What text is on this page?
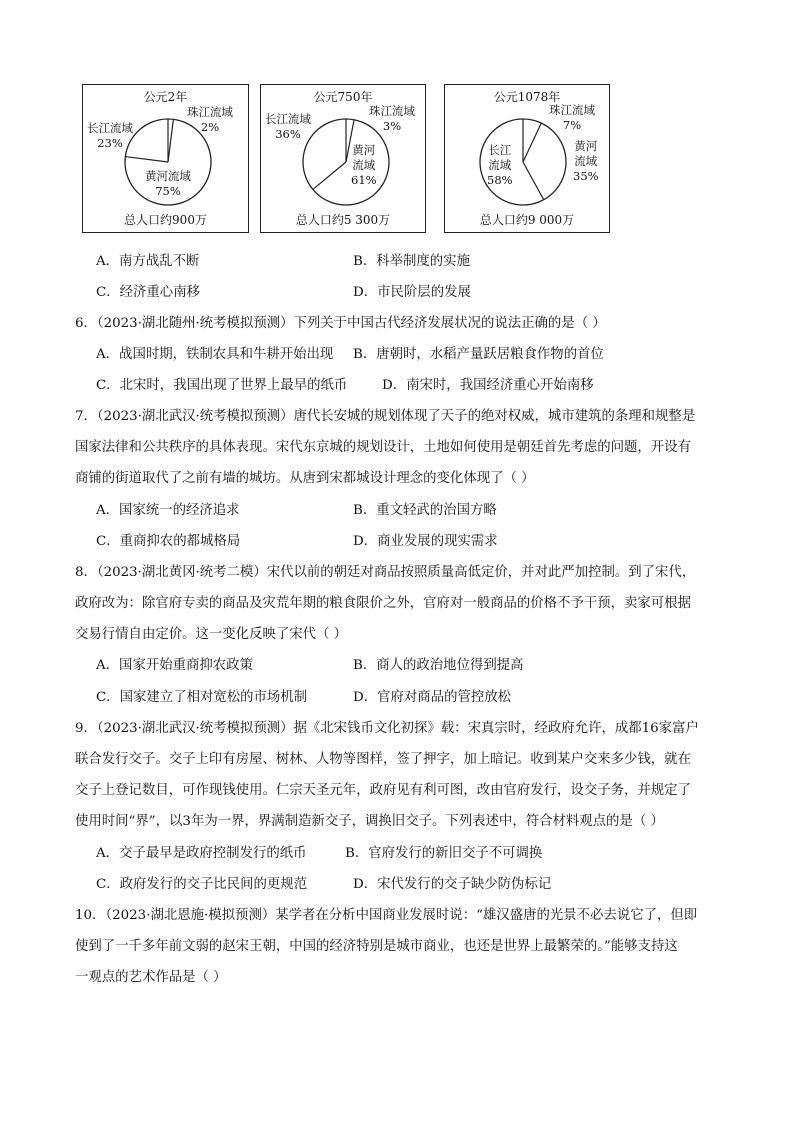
公元2年
长江流域
23%
珠江流域
2%
黄河流域
75%
总人口约900万
公元750年
长江流域
36%
珠江流域
3%
黄河
流域
61%
总人口约5 300万
公元1078年
长江
流域
58%
珠江流域
7%
黄河
流域
35%
总人口约9 000万
A．南方战乱不断	B．科举制度的实施
C．经济重心南移	D．市民阶层的发展
6．（2023·湖北随州·统考模拟预测）下列关于中国古代经济发展状况的说法正确的是（ ）
A．战国时期，铁制农具和牛耕开始出现 B．唐朝时，水稻产量跃居粮食作物的首位
C．北宋时，我国出现了世界上最早的纸币	D．南宋时，我国经济重心开始南移
7．（2023·湖北武汉·统考模拟预测）唐代长安城的规划体现了天子的绝对权威，城市建筑的条理和规整是
国家法律和公共秩序的具体表现。宋代东京城的规划设计，土地如何使用是朝廷首先考虑的问题，开设有
商铺的街道取代了之前有墙的城坊。从唐到宋都城设计理念的变化体现了（ ）
A．国家统一的经济追求	B．重文轻武的治国方略
C．重商抑农的都城格局	D．商业发展的现实需求
8．（2023·湖北黄冈·统考二模）宋代以前的朝廷对商品按照质量高低定价，并对此严加控制。到了宋代，
政府改为：除官府专卖的商品及灾荒年期的粮食限价之外，官府对一般商品的价格不予干预，卖家可根据
交易行情自由定价。这一变化反映了宋代（ ）
A．国家开始重商抑农政策	B．商人的政治地位得到提高
C．国家建立了相对宽松的市场机制	D．官府对商品的管控放松
9．（2023·湖北武汉·统考模拟预测）据《北宋钱币文化初探》载：宋真宗时，经政府允许，成都16家富户
联合发行交子。交子上印有房屋、树林、人物等图样，签了押字，加上暗记。收到某户交来多少钱，就在
交子上登记数目，可作现钱使用。仁宗天圣元年，政府见有利可图，改由官府发行，设交子务，并规定了
使用时间“界”，以3年为一界，界满制造新交子，调换旧交子。下列表述中，符合材料观点的是（ ）
A．交子最早是政府控制发行的纸币	B．官府发行的新旧交子不可调换
C．政府发行的交子比民间的更规范	D．宋代发行的交子缺少防伪标记
10．（2023·湖北恩施·模拟预测）某学者在分析中国商业发展时说：“雄汉盛唐的光景不必去说它了，但即
使到了一千多年前文弱的赵宋王朝，中国的经济特别是城市商业，也还是世界上最繁荣的。”能够支持这
一观点的艺术作品是（ ）
